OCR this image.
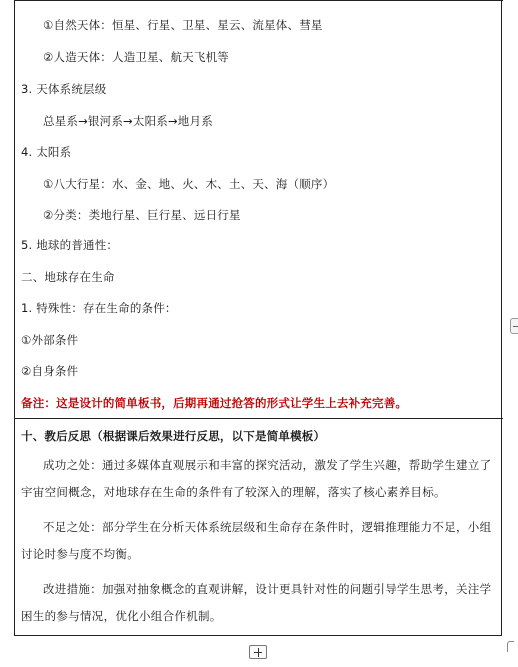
①自然天体：恒星、行星、卫星、星云、流星体、彗星
②人造天体：人造卫星、航天飞机等
3. 天体系统层级
总星系→银河系→太阳系→地月系
4. 太阳系
①八大行星：水、金、地、火、木、土、天、海（顺序）
②分类：类地行星、巨行星、远日行星
5. 地球的普通性：
二、地球存在生命
1. 特殊性：存在生命的条件：
①外部条件
②自身条件
备注：这是设计的简单板书，后期再通过抢答的形式让学生上去补充完善。
十、教后反思（根据课后效果进行反思，以下是简单模板）
成功之处：通过多媒体直观展示和丰富的探究活动，激发了学生兴趣，帮助学生建立了宇宙空间概念，对地球存在生命的条件有了较深入的理解，落实了核心素养目标。
不足之处：部分学生在分析天体系统层级和生命存在条件时，逻辑推理能力不足，小组讨论时参与度不均衡。
改进措施：加强对抽象概念的直观讲解，设计更具针对性的问题引导学生思考，关注学困生的参与情况，优化小组合作机制。
